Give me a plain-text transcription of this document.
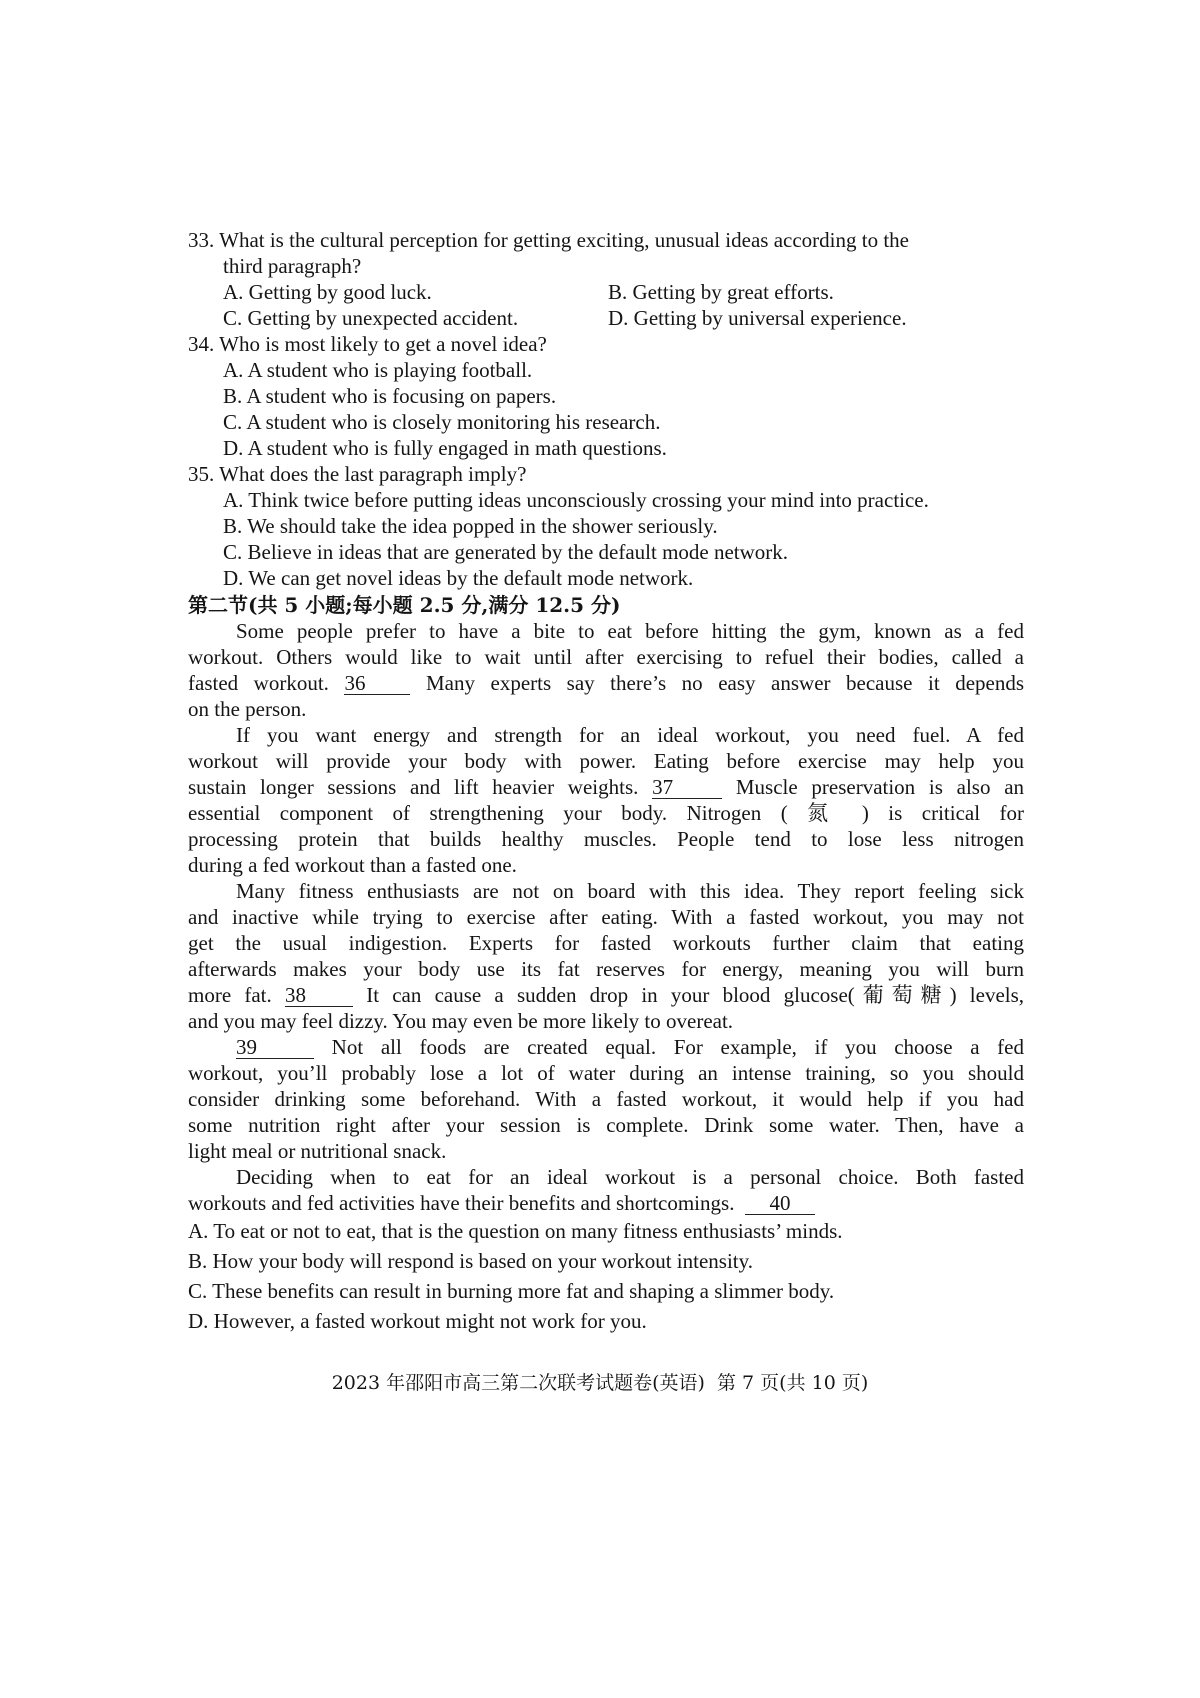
33. What is the cultural perception for getting exciting, unusual ideas according to the
third paragraph?
A. Getting by good luck.	B. Getting by great efforts.
C. Getting by unexpected accident.	D. Getting by universal experience.
34. Who is most likely to get a novel idea?
A. A student who is playing football.
B. A student who is focusing on papers.
C. A student who is closely monitoring his research.
D. A student who is fully engaged in math questions.
35. What does the last paragraph imply?
A. Think twice before putting ideas unconsciously crossing your mind into practice.
B. We should take the idea popped in the shower seriously.
C. Believe in ideas that are generated by the default mode network.
D. We can get novel ideas by the default mode network.
第二节(共 5 小题;每小题 2.5 分,满分 12.5 分)
Some people prefer to have a bite to eat before hitting the gym, known as a fed
workout. Others would like to wait until after exercising to refuel their bodies, called a
fasted workout. 36	Many experts say there’s no easy answer because it depends
on the person.
If you want energy and strength for an ideal workout, you need fuel. A fed
workout will provide your body with power. Eating before exercise may help you
sustain longer sessions and lift heavier weights. 37	Muscle preservation is also an
essential component of strengthening your body. Nitrogen ( 氮 ) is critical for
processing protein that builds healthy muscles. People tend to lose less nitrogen
during a fed workout than a fasted one.
Many fitness enthusiasts are not on board with this idea. They report feeling sick
and inactive while trying to exercise after eating. With a fasted workout, you may not
get the usual indigestion. Experts for fasted workouts further claim that eating
afterwards makes your body use its fat reserves for energy, meaning you will burn
more fat. 38	It can cause a sudden drop in your blood glucose(葡萄糖) levels,
and you may feel dizzy. You may even be more likely to overeat.
39	Not all foods are created equal. For example, if you choose a fed
workout, you’ll probably lose a lot of water during an intense training, so you should
consider drinking some beforehand. With a fasted workout, it would help if you had
some nutrition right after your session is complete. Drink some water. Then, have a
light meal or nutritional snack.
Deciding when to eat for an ideal workout is a personal choice. Both fasted
workouts and fed activities have their benefits and shortcomings. 40
A. To eat or not to eat, that is the question on many fitness enthusiasts’ minds.
B. How your body will respond is based on your workout intensity.
C. These benefits can result in burning more fat and shaping a slimmer body.
D. However, a fasted workout might not work for you.
2023 年邵阳市高三第二次联考试题卷(英语)  第 7 页(共 10 页)
